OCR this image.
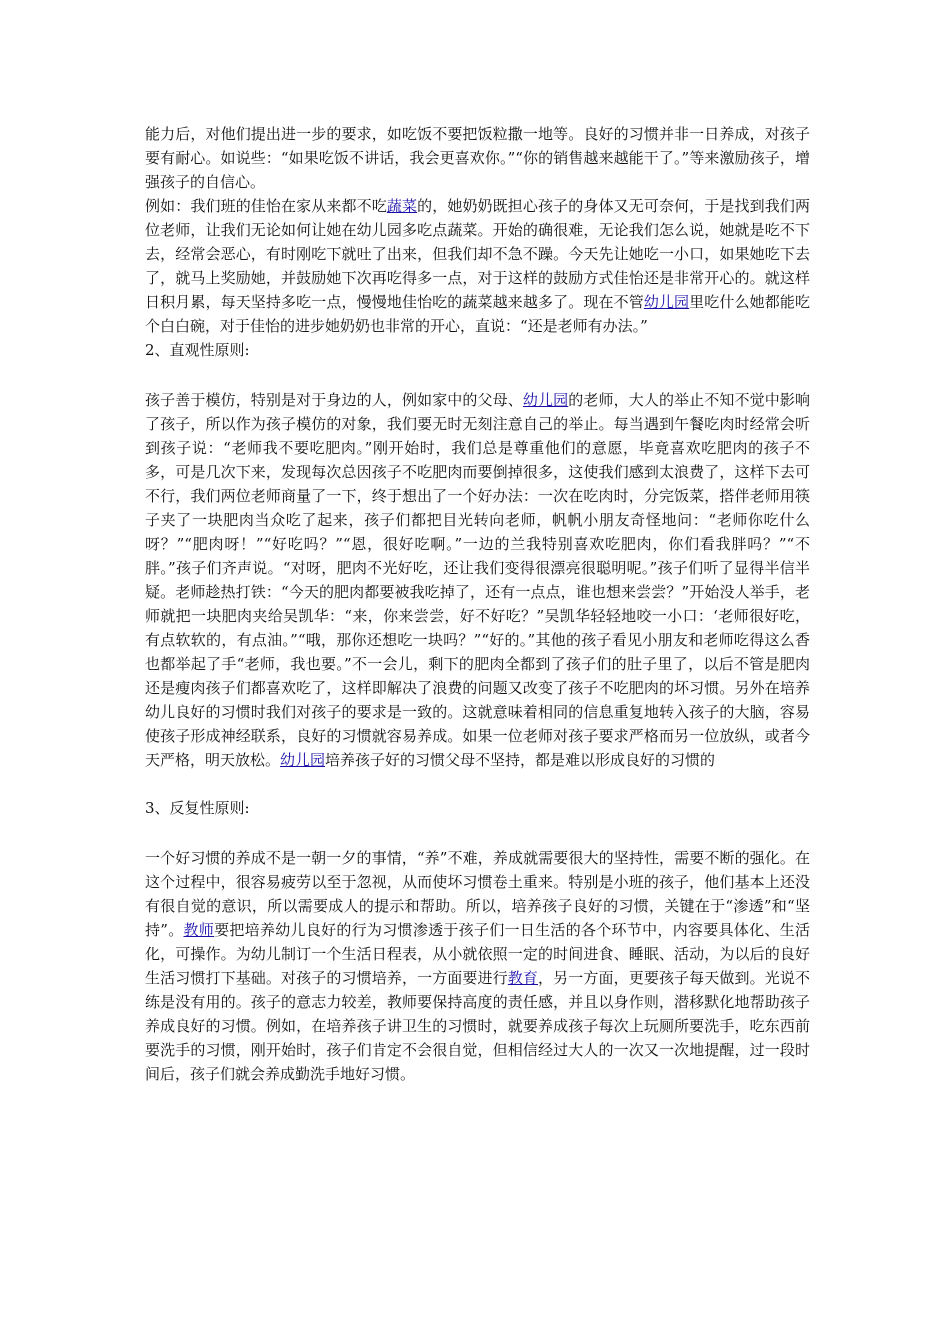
能力后，对他们提出进一步的要求，如吃饭不要把饭粒撒一地等。良好的习惯并非一日养成，对孩子要有耐心。如说些：“如果吃饭不讲话，我会更喜欢你。”“你的销售越来越能干了。”等来激励孩子，增强孩子的自信心。

例如：我们班的佳怡在家从来都不吃蔬菜的，她奶奶既担心孩子的身体又无可奈何，于是找到我们两位老师，让我们无论如何让她在幼儿园多吃点蔬菜。开始的确很难，无论我们怎么说，她就是吃不下去，经常会恶心，有时刚吃下就吐了出来，但我们却不急不躁。今天先让她吃一小口，如果她吃下去了，就马上奖励她，并鼓励她下次再吃得多一点，对于这样的鼓励方式佳怡还是非常开心的。就这样日积月累，每天坚持多吃一点，慢慢地佳怡吃的蔬菜越来越多了。现在不管幼儿园里吃什么她都能吃个白白碗，对于佳怡的进步她奶奶也非常的开心，直说：“还是老师有办法。”

2、直观性原则:

孩子善于模仿，特别是对于身边的人，例如家中的父母、幼儿园的老师，大人的举止不知不觉中影响了孩子，所以作为孩子模仿的对象，我们要无时无刻注意自己的举止。每当遇到午餐吃肉时经常会听到孩子说：“老师我不要吃肥肉。”刚开始时，我们总是尊重他们的意愿，毕竟喜欢吃肥肉的孩子不多，可是几次下来，发现每次总因孩子不吃肥肉而要倒掉很多，这使我们感到太浪费了，这样下去可不行，我们两位老师商量了一下，终于想出了一个好办法：一次在吃肉时，分完饭菜，搭伴老师用筷子夹了一块肥肉当众吃了起来，孩子们都把目光转向老师，帆帆小朋友奇怪地问：“老师你吃什么呀？”“肥肉呀！”“好吃吗？”“恩，很好吃啊。”一边的兰我特别喜欢吃肥肉，你们看我胖吗？”“不胖。”孩子们齐声说。“对呀，肥肉不光好吃，还让我们变得很漂亮很聪明呢。”孩子们听了显得半信半疑。老师趁热打铁：“今天的肥肉都要被我吃掉了，还有一点点，谁也想来尝尝？”开始没人举手，老师就把一块肥肉夹给吴凯华：“来，你来尝尝，好不好吃？”吴凯华轻轻地咬一小口：‘老师很好吃，有点软软的，有点油。”“哦，那你还想吃一块吗？”“好的。”其他的孩子看见小朋友和老师吃得这么香也都举起了手“老师，我也要。”不一会儿，剩下的肥肉全都到了孩子们的肚子里了，以后不管是肥肉还是瘦肉孩子们都喜欢吃了，这样即解决了浪费的问题又改变了孩子不吃肥肉的坏习惯。另外在培养幼儿良好的习惯时我们对孩子的要求是一致的。这就意味着相同的信息重复地转入孩子的大脑，容易使孩子形成神经联系，良好的习惯就容易养成。如果一位老师对孩子要求严格而另一位放纵，或者今天严格，明天放松。幼儿园培养孩子好的习惯父母不坚持，都是难以形成良好的习惯的

3、反复性原则:

一个好习惯的养成不是一朝一夕的事情，“养”不难，养成就需要很大的坚持性，需要不断的强化。在这个过程中，很容易疲劳以至于忽视，从而使坏习惯卷土重来。特别是小班的孩子，他们基本上还没有很自觉的意识，所以需要成人的提示和帮助。所以，培养孩子良好的习惯，关键在于“渗透”和“坚持”。教师要把培养幼儿良好的行为习惯渗透于孩子们一日生活的各个环节中，内容要具体化、生活化，可操作。为幼儿制订一个生活日程表，从小就依照一定的时间进食、睡眠、活动，为以后的良好生活习惯打下基础。对孩子的习惯培养，一方面要进行教育，另一方面，更要孩子每天做到。光说不练是没有用的。孩子的意志力较差，教师要保持高度的责任感，并且以身作则，潜移默化地帮助孩子养成良好的习惯。例如，在培养孩子讲卫生的习惯时，就要养成孩子每次上玩厕所要洗手，吃东西前要洗手的习惯，刚开始时，孩子们肯定不会很自觉，但相信经过大人的一次又一次地提醒，过一段时间后，孩子们就会养成勤洗手地好习惯。
